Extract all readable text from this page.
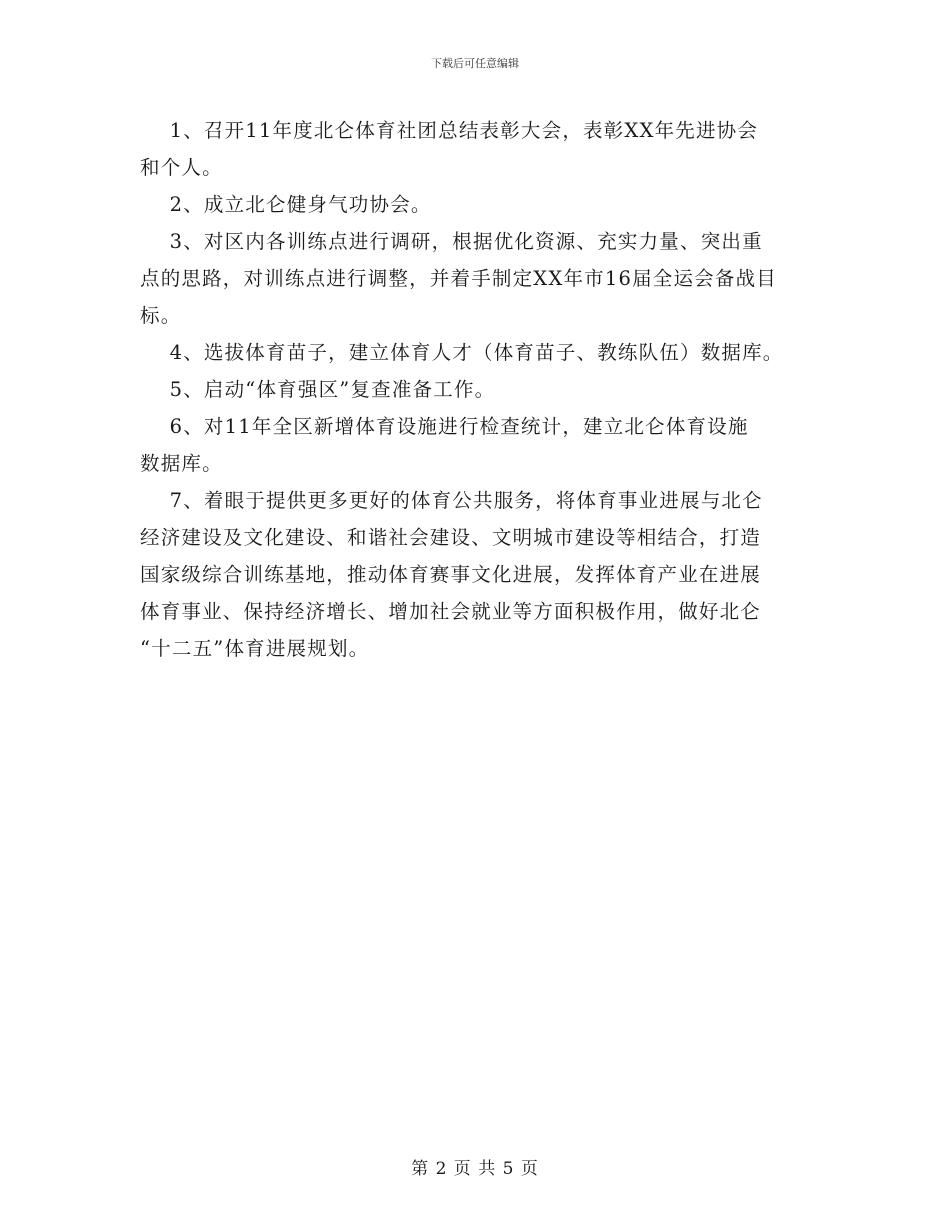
下载后可任意编辑

1、召开11年度北仑体育社团总结表彰大会，表彰XX年先进协会

和个人。

2、成立北仑健身气功协会。

3、对区内各训练点进行调研，根据优化资源、充实力量、突出重

点的思路，对训练点进行调整，并着手制定XX年市16届全运会备战目

标。

4、选拔体育苗子，建立体育人才（体育苗子、教练队伍）数据库。

5、启动“体育强区”复查准备工作。

6、对11年全区新增体育设施进行检查统计，建立北仑体育设施

数据库。

7、着眼于提供更多更好的体育公共服务，将体育事业进展与北仑

经济建设及文化建设、和谐社会建设、文明城市建设等相结合，打造

国家级综合训练基地，推动体育赛事文化进展，发挥体育产业在进展

体育事业、保持经济增长、增加社会就业等方面积极作用，做好北仑

“十二五”体育进展规划。

第 2 页 共 5 页
